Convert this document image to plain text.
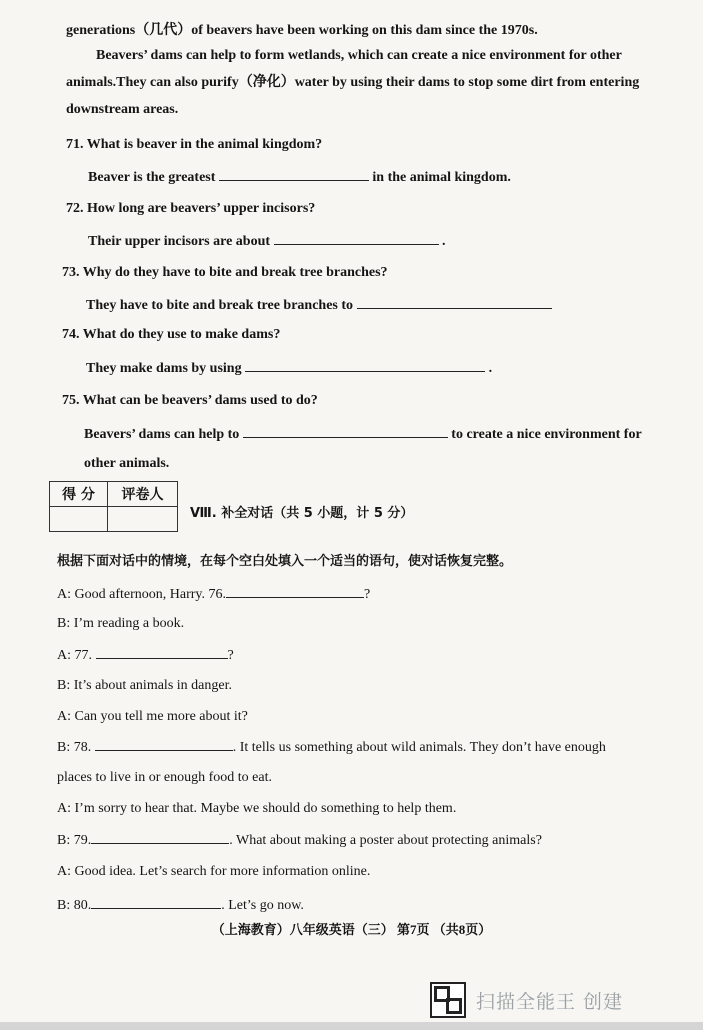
generations（几代）of beavers have been working on this dam since the 1970s.
Beavers’ dams can help to form wetlands, which can create a nice environment for other
animals.They can also purify（净化）water by using their dams to stop some dirt from entering
downstream areas.
71. What is beaver in the animal kingdom?
Beaver is the greatest	in the animal kingdom.
72. How long are beavers’ upper incisors?
Their upper incisors are about	.
73. Why do they have to bite and break tree branches?
They have to bite and break tree branches to
74. What do they use to make dams?
They make dams by using	.
75. What can be beavers’ dams used to do?
Beavers’ dams can help to	to create a nice environment for
other animals.
得 分	评卷人

Ⅷ. 补全对话（共 5 小题，计 5 分）
根据下面对话中的情境，在每个空白处填入一个适当的语句，使对话恢复完整。
A: Good afternoon, Harry. 76.	?
B: I’m reading a book.
A: 77.	?
B: It’s about animals in danger.
A: Can you tell me more about it?
B: 78.	. It tells us something about wild animals. They don’t have enough
places to live in or enough food to eat.
A: I’m sorry to hear that. Maybe we should do something to help them.
B: 79.	. What about making a poster about protecting animals?
A: Good idea. Let’s search for more information online.
B: 80.	. Let’s go now.
（上海教育）八年级英语（三） 第7页 （共8页）
扫描全能王 创建
